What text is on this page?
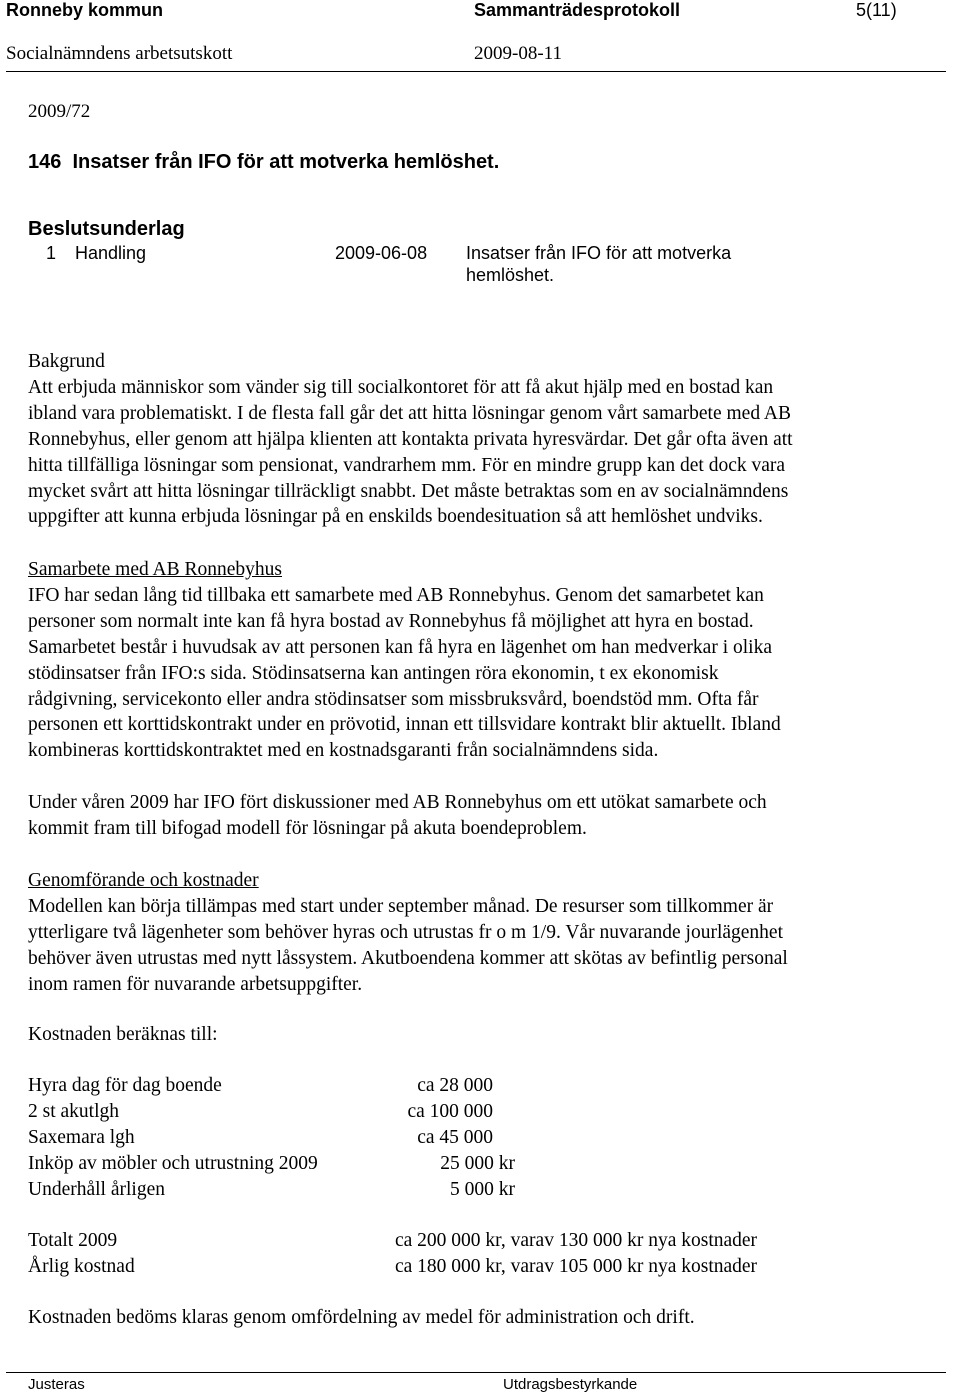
Ronneby kommun	Sammanträdesprotokoll	5(11)
Socialnämndens arbetsutskott	2009-08-11
2009/72
146 Insatser från IFO för att motverka hemlöshet.
Beslutsunderlag
1 Handling	2009-06-08 Insatser från IFO för att motverka
hemlöshet.
Bakgrund
Att erbjuda människor som vänder sig till socialkontoret för att få akut hjälp med en bostad kan
ibland vara problematiskt. I de flesta fall går det att hitta lösningar genom vårt samarbete med AB
Ronnebyhus, eller genom att hjälpa klienten att kontakta privata hyresvärdar. Det går ofta även att
hitta tillfälliga lösningar som pensionat, vandrarhem mm. För en mindre grupp kan det dock vara
mycket svårt att hitta lösningar tillräckligt snabbt. Det måste betraktas som en av socialnämndens
uppgifter att kunna erbjuda lösningar på en enskilds boendesituation så att hemlöshet undviks.
Samarbete med AB Ronnebyhus
IFO har sedan lång tid tillbaka ett samarbete med AB Ronnebyhus. Genom det samarbetet kan
personer som normalt inte kan få hyra bostad av Ronnebyhus få möjlighet att hyra en bostad.
Samarbetet består i huvudsak av att personen kan få hyra en lägenhet om han medverkar i olika
stödinsatser från IFO:s sida. Stödinsatserna kan antingen röra ekonomin, t ex ekonomisk
rådgivning, servicekonto eller andra stödinsatser som missbruksvård, boendstöd mm. Ofta får
personen ett korttidskontrakt under en prövotid, innan ett tillsvidare kontrakt blir aktuellt. Ibland
kombineras korttidskontraktet med en kostnadsgaranti från socialnämndens sida.
Under våren 2009 har IFO fört diskussioner med AB Ronnebyhus om ett utökat samarbete och
kommit fram till bifogad modell för lösningar på akuta boendeproblem.
Genomförande och kostnader
Modellen kan börja tillämpas med start under september månad. De resurser som tillkommer är
ytterligare två lägenheter som behöver hyras och utrustas fr o m 1/9. Vår nuvarande jourlägenhet
behöver även utrustas med nytt låssystem. Akutboendena kommer att skötas av befintlig personal
inom ramen för nuvarande arbetsuppgifter.
Kostnaden beräknas till:
Hyra dag för dag boende	ca 28 000
2 st akutlgh	ca 100 000
Saxemara lgh	ca 45 000
Inköp av möbler och utrustning 2009	25 000 kr
Underhåll årligen	5 000 kr
Totalt 2009	ca 200 000 kr, varav 130 000 kr nya kostnader
Årlig kostnad	ca 180 000 kr, varav 105 000 kr nya kostnader
Kostnaden bedöms klaras genom omfördelning av medel för administration och drift.
Justeras	Utdragsbestyrkande
